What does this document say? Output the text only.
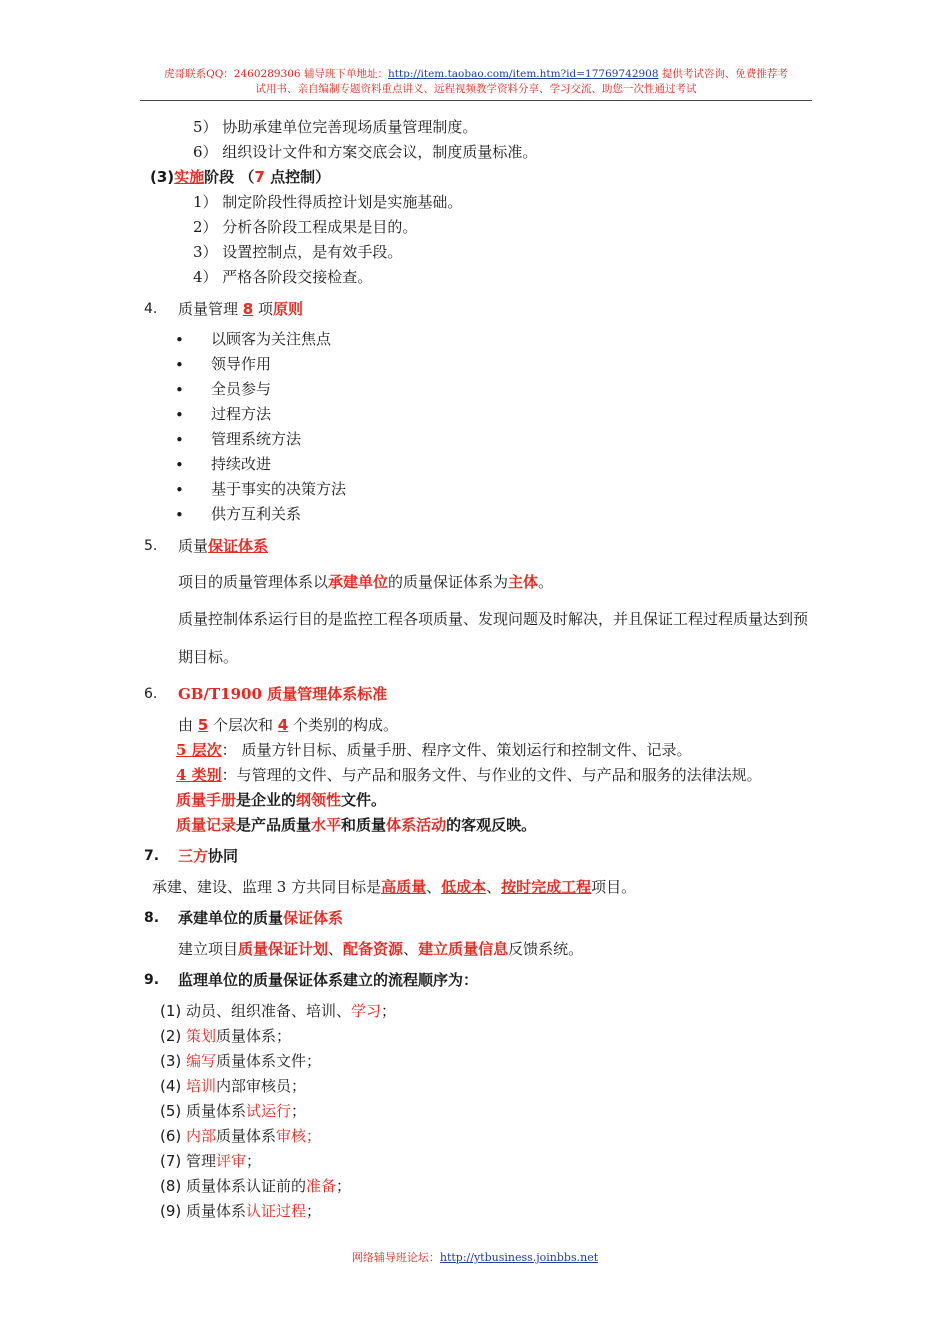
虎哥联系QQ：2460289306 辅导班下单地址：http://item.taobao.com/item.htm?id=17769742908 提供考试咨询、免费推荐考
试用书、亲自编制专题资料重点讲义、远程视频教学资料分享、学习交流、助您一次性通过考试
5） 协助承建单位完善现场质量管理制度。
6） 组织设计文件和方案交底会议，制度质量标准。
(3)实施阶段 （7 点控制）
1） 制定阶段性得质控计划是实施基础。
2） 分析各阶段工程成果是目的。
3） 设置控制点，是有效手段。
4） 严格各阶段交接检查。
4. 质量管理 8 项原则
• 以顾客为关注焦点
• 领导作用
• 全员参与
• 过程方法
• 管理系统方法
• 持续改进
• 基于事实的决策方法
• 供方互利关系
5. 质量保证体系
项目的质量管理体系以承建单位的质量保证体系为主体。
质量控制体系运行目的是监控工程各项质量、发现问题及时解决，并且保证工程过程质量达到预期目标。
6. GB/T1900 质量管理体系标准
由 5 个层次和 4 个类别的构成。
5 层次： 质量方针目标、质量手册、程序文件、策划运行和控制文件、记录。
4 类别：与管理的文件、与产品和服务文件、与作业的文件、与产品和服务的法律法规。
质量手册是企业的纲领性文件。
质量记录是产品质量水平和质量体系活动的客观反映。
7. 三方协同
承建、建设、监理 3 方共同目标是高质量、低成本、按时完成工程项目。
8. 承建单位的质量保证体系
建立项目质量保证计划、配备资源、建立质量信息反馈系统。
9. 监理单位的质量保证体系建立的流程顺序为：
(1) 动员、组织准备、培训、学习；
(2) 策划质量体系；
(3) 编写质量体系文件；
(4) 培训内部审核员；
(5) 质量体系试运行；
(6) 内部质量体系审核；
(7) 管理评审；
(8) 质量体系认证前的准备；
(9) 质量体系认证过程；
网络辅导班论坛：http://ytbusiness.joinbbs.net
